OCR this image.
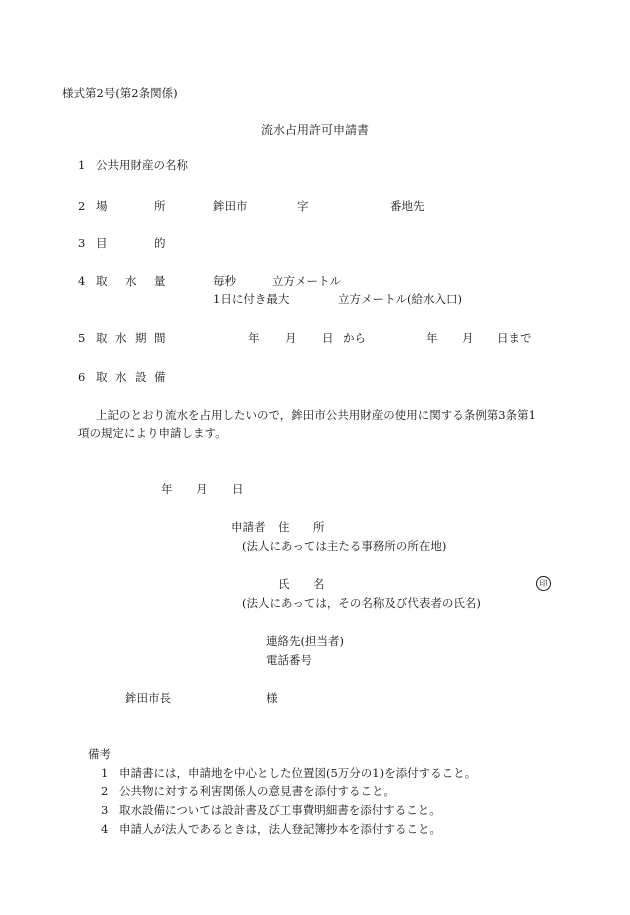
様式第2号(第2条関係)
流水占用許可申請書
1 公共用財産の名称
2 場	所	鉾田市	字	番地先
3 目	的
4 取 水 量	毎秒	立方メートル
1日に付き最大	立方メートル(給水入口)
5 取 水 期 間	年 月 日 から	年 月 日まで
6 取 水 設 備
上記のとおり流水を占用したいので，鉾田市公共用財産の使用に関する条例第3条第1
項の規定により申請します。
年 月 日
申請者 住 所
(法人にあっては主たる事務所の所在地)
氏 名	印
(法人にあっては，その名称及び代表者の氏名)
連絡先(担当者)
電話番号
鉾田市長	様
備考
1 申請書には，申請地を中心とした位置図(5万分の1)を添付すること。
2 公共物に対する利害関係人の意見書を添付すること。
3 取水設備については設計書及び工事費明細書を添付すること。
4 申請人が法人であるときは，法人登記簿抄本を添付すること。
